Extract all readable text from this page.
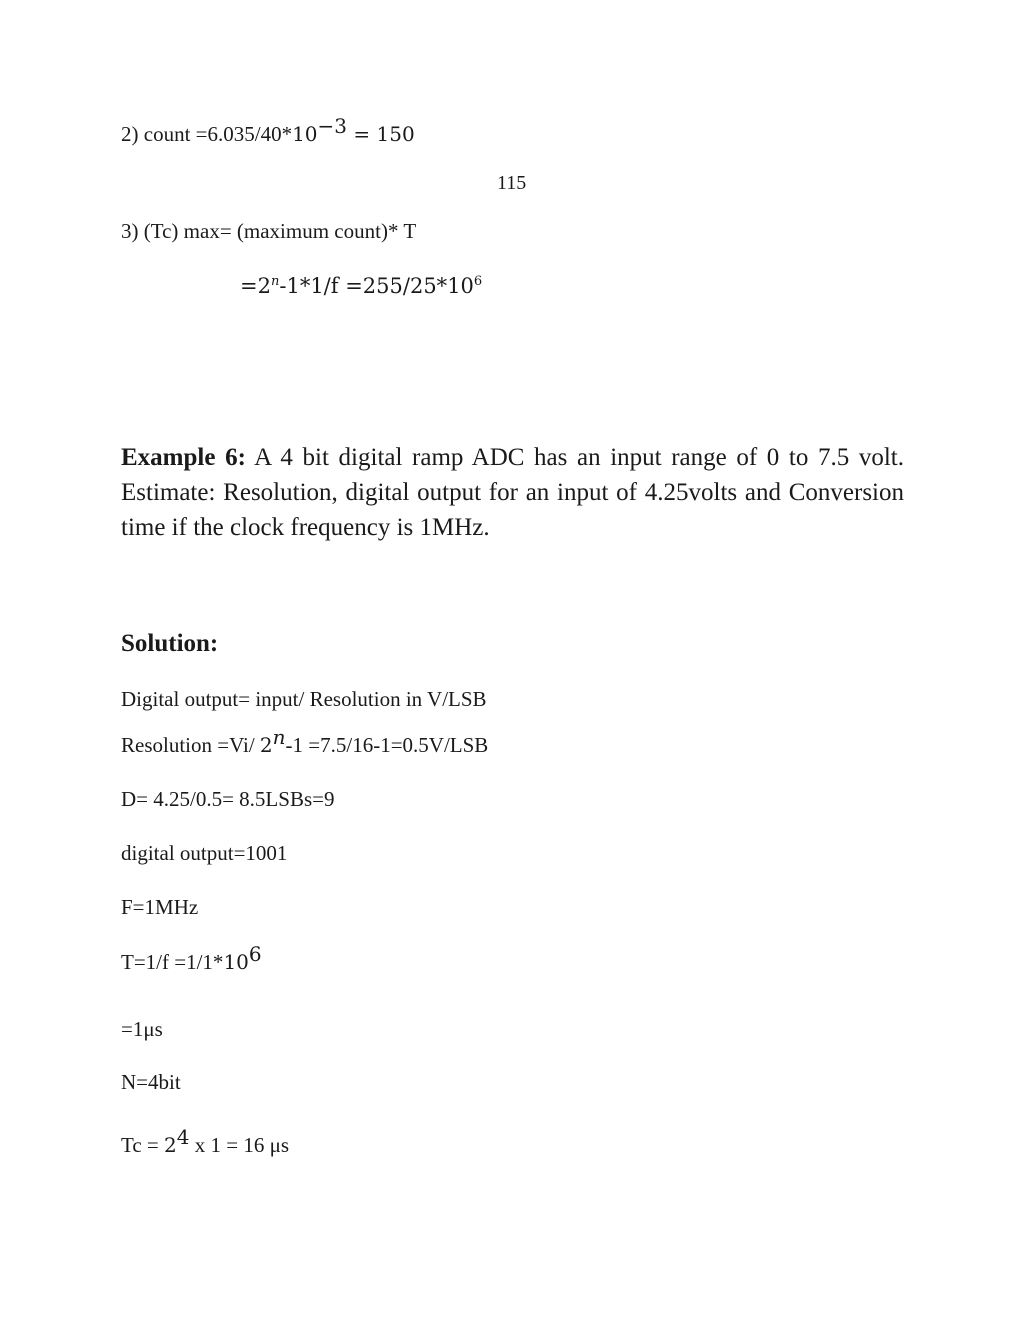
2) count $=6.035/40*10^{-3} = 150$
115
3) (Tc) max= (maximum count)* T
$=2^n-1*1/f =255/25*10^6$
Example 6: A 4 bit digital ramp ADC has an input range of 0 to 7.5 volt. Estimate: Resolution, digital output for an input of 4.25volts and Conversion time if the clock frequency is 1MHz.
Solution:
Digital output= input/ Resolution in V/LSB
Resolution =Vi/ $2^n-1 =7.5/16-1=0.5V/LSB$
D= 4.25/0.5= 8.5LSBs=9
digital output=1001
F=1MHz
$T=1/f =1/1*10^6$
=1μs
N=4bit
$Tc = 2^4$ x 1 = 16 μs
